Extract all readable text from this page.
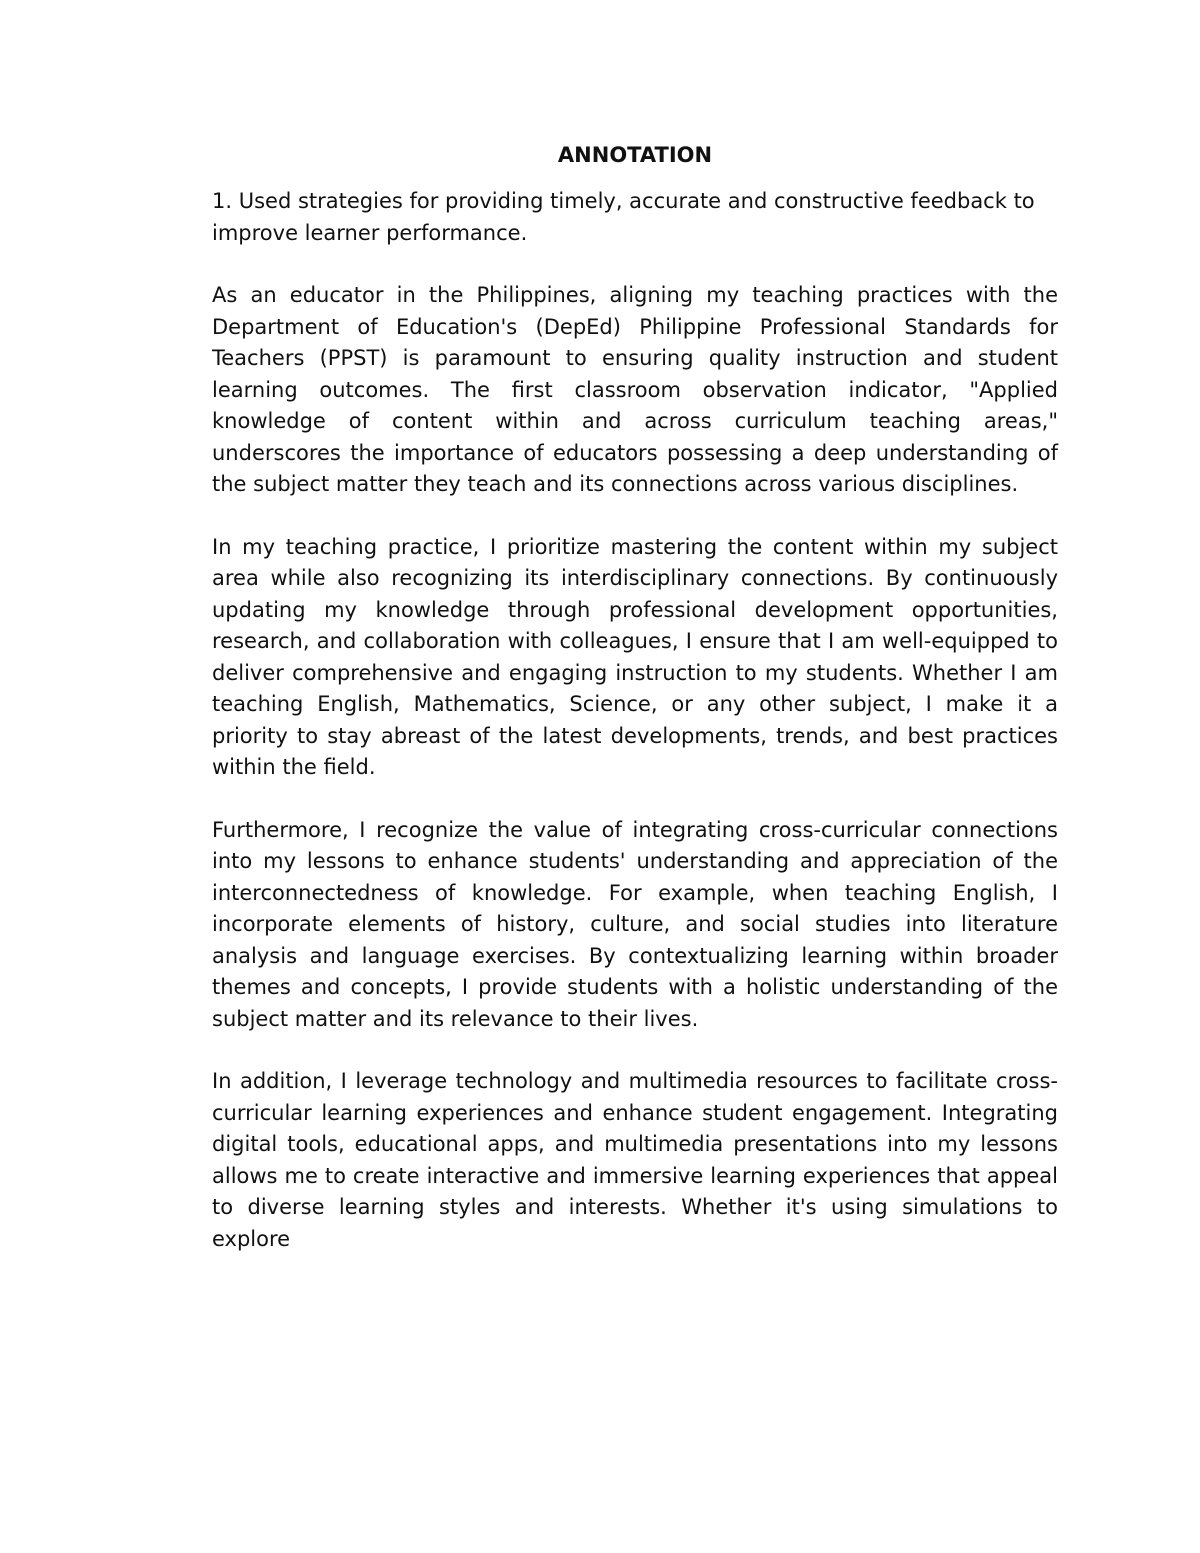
ANNOTATION

1. Used strategies for providing timely, accurate and constructive feedback to improve learner performance.

As an educator in the Philippines, aligning my teaching practices with the Department of Education's (DepEd) Philippine Professional Standards for Teachers (PPST) is paramount to ensuring quality instruction and student learning outcomes. The first classroom observation indicator, "Applied knowledge of content within and across curriculum teaching areas," underscores the importance of educators possessing a deep understanding of the subject matter they teach and its connections across various disciplines.

In my teaching practice, I prioritize mastering the content within my subject area while also recognizing its interdisciplinary connections. By continuously updating my knowledge through professional development opportunities, research, and collaboration with colleagues, I ensure that I am well-equipped to deliver comprehensive and engaging instruction to my students. Whether I am teaching English, Mathematics, Science, or any other subject, I make it a priority to stay abreast of the latest developments, trends, and best practices within the field.

Furthermore, I recognize the value of integrating cross-curricular connections into my lessons to enhance students' understanding and appreciation of the interconnectedness of knowledge. For example, when teaching English, I incorporate elements of history, culture, and social studies into literature analysis and language exercises. By contextualizing learning within broader themes and concepts, I provide students with a holistic understanding of the subject matter and its relevance to their lives.

In addition, I leverage technology and multimedia resources to facilitate cross-curricular learning experiences and enhance student engagement. Integrating digital tools, educational apps, and multimedia presentations into my lessons allows me to create interactive and immersive learning experiences that appeal to diverse learning styles and interests. Whether it's using simulations to explore
